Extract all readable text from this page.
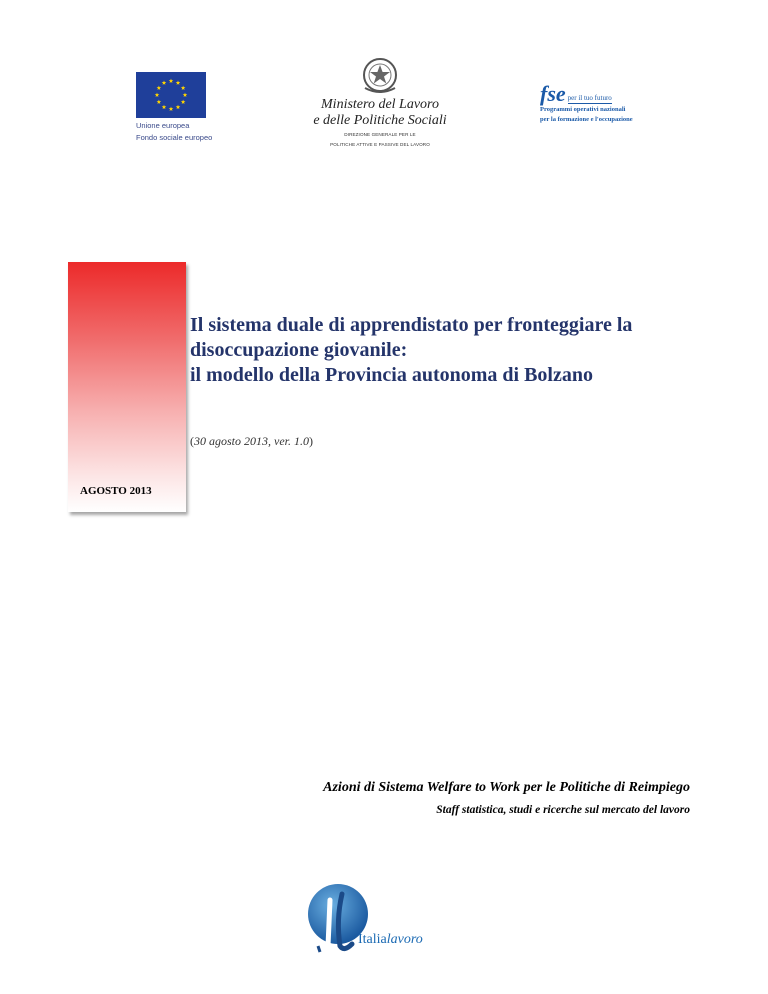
Unione europea
Fondo sociale europeo
Ministero del Lavoro
e delle Politiche Sociali
DIREZIONE GENERALE PER LE
POLITICHE ATTIVE E PASSIVE DEL LAVORO
fse per il tuo futuro
Programmi operativi nazionali
per la formazione e l'occupazione
AGOSTO 2013
Il sistema duale di apprendistato per fronteggiare la
disoccupazione giovanile:
il modello della Provincia autonoma di Bolzano
(30 agosto 2013, ver. 1.0)
Azioni di Sistema Welfare to Work per le Politiche di Reimpiego
Staff statistica, studi e ricerche sul mercato del lavoro
Italialavoro
